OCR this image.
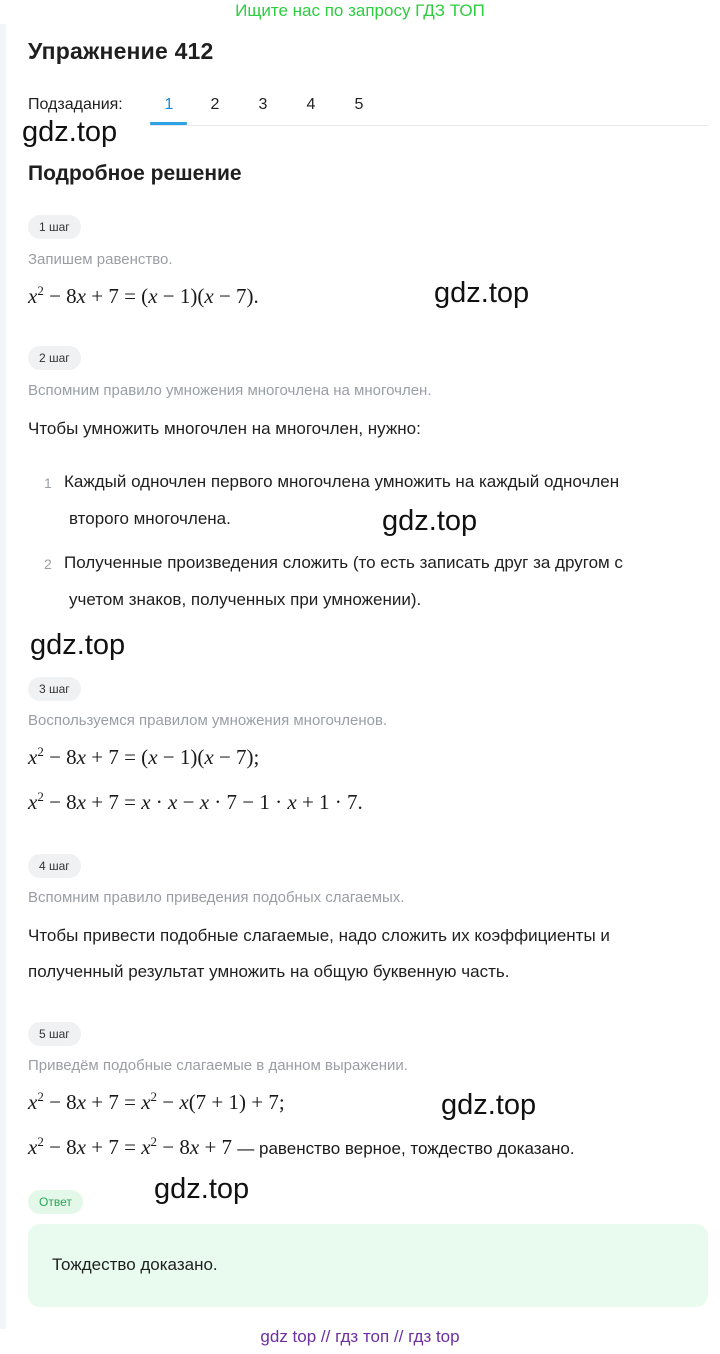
Ищите нас по запросу ГДЗ ТОП
Упражнение 412
Подзадания:	1	2	3	4	5
gdz.top
Подробное решение
1 шаг
Запишем равенство.
$x^2 - 8x + 7 = (x - 1)(x - 7)$.	gdz.top
2 шаг
Вспомним правило умножения многочлена на многочлен.
Чтобы умножить многочлен на многочлен, нужно:
1 Каждый одночлен первого многочлена умножить на каждый одночлен
второго многочлена.	gdz.top
2 Полученные произведения сложить (то есть записать друг за другом с
учетом знаков, полученных при умножении).
gdz.top
3 шаг
Воспользуемся правилом умножения многочленов.
$x^2 - 8x + 7 = (x - 1)(x - 7)$;
$x^2 - 8x + 7 = x \cdot x - x \cdot 7 - 1 \cdot x + 1 \cdot 7$.
4 шаг
Вспомним правило приведения подобных слагаемых.
Чтобы привести подобные слагаемые, надо сложить их коэффициенты и
полученный результат умножить на общую буквенную часть.
5 шаг
Приведём подобные слагаемые в данном выражении.
$x^2 - 8x + 7 = x^2 - x(7 + 1) + 7$;	gdz.top
$x^2 - 8x + 7 = x^2 - 8x + 7$ — равенство верное, тождество доказано.
Ответ	gdz.top
Тождество доказано.
gdz top // гдз топ // гдз top
